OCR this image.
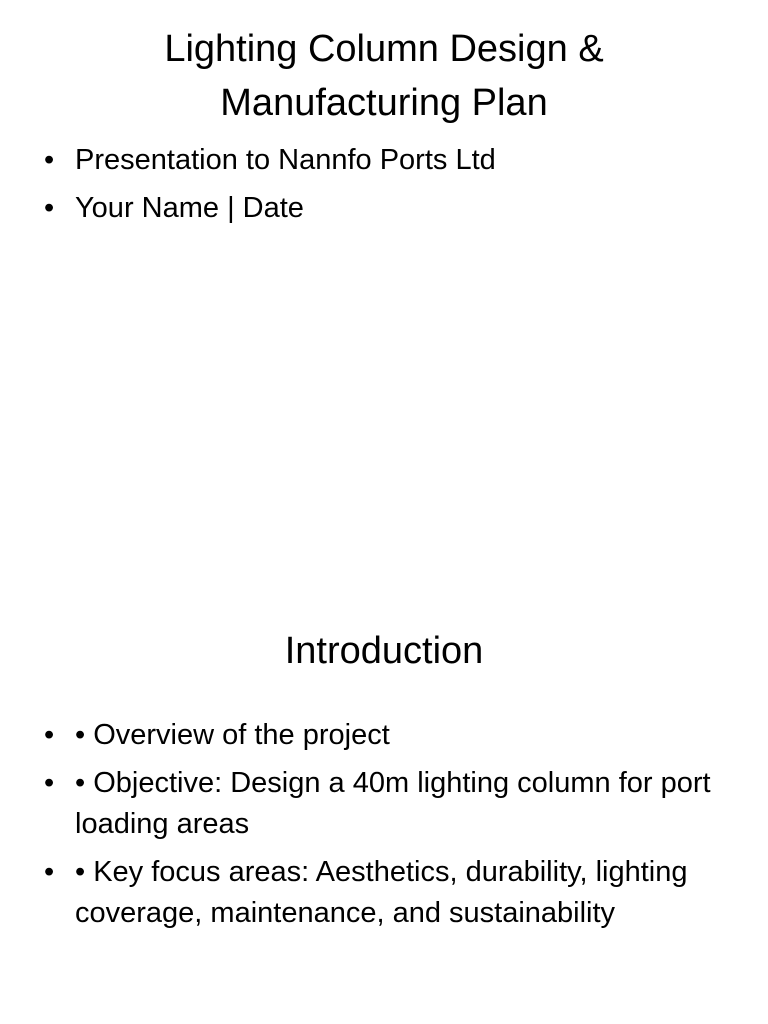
Lighting Column Design & Manufacturing Plan
• Presentation to Nannfo Ports Ltd
• Your Name | Date
Introduction
• • Overview of the project
• • Objective: Design a 40m lighting column for port loading areas
• • Key focus areas: Aesthetics, durability, lighting coverage, maintenance, and sustainability
